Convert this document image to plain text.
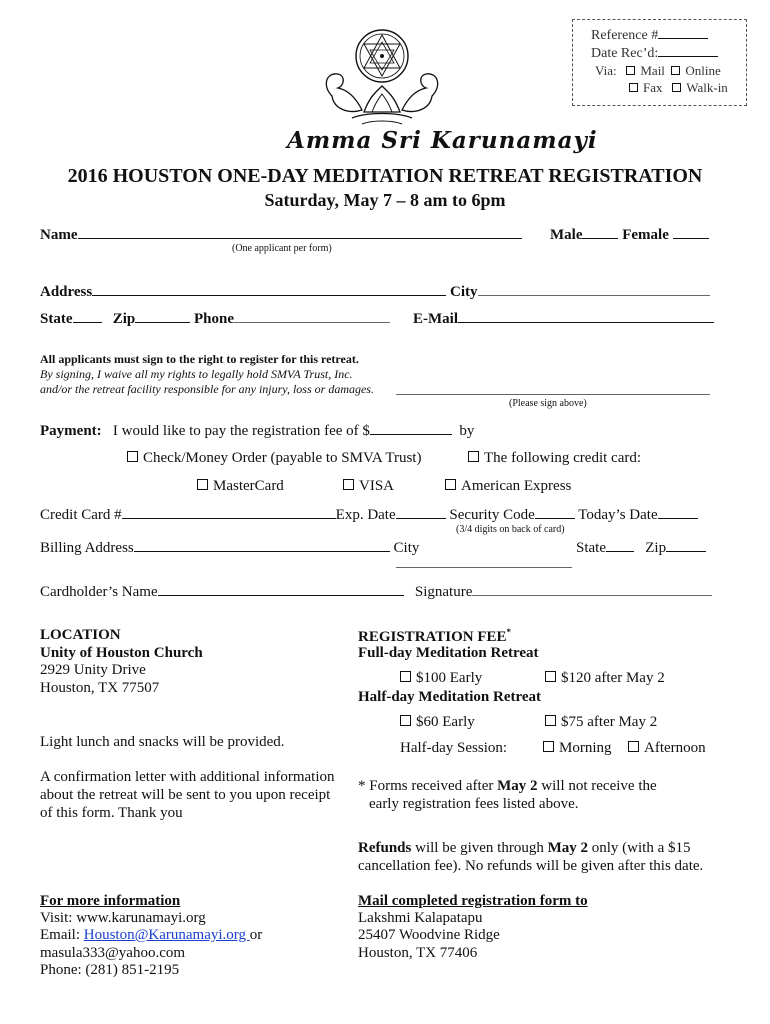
Reference #
Date Rec’d:
Via: Mail Online
Fax Walk-in
Amma Sri Karunamayi
2016 HOUSTON ONE-DAY MEDITATION RETREAT REGISTRATION
Saturday, May 7 – 8 am to 6pm
Name
(One applicant per form)
Male	Female
Address	City
State	Zip	Phone	E-Mail
All applicants must sign to the right to register for this retreat.
By signing, I waive all my rights to legally hold SMVA Trust, Inc.
and/or the retreat facility responsible for any injury, loss or damages.
(Please sign above)
Payment: I would like to pay the registration fee of $	by
Check/Money Order (payable to SMVA Trust)	The following credit card:
MasterCard	VISA	American Express
Credit Card #	Exp. Date	Security Code	Today’s Date
(3/4 digits on back of card)
Billing Address	City	State	Zip
Cardholder’s Name	Signature
LOCATION
Unity of Houston Church
2929 Unity Drive
Houston, TX 77507
Light lunch and snacks will be provided.
A confirmation letter with additional information
about the retreat will be sent to you upon receipt
of this form. Thank you
REGISTRATION FEE*
Full-day Meditation Retreat
$100 Early	$120 after May 2
Half-day Meditation Retreat
$60 Early	$75 after May 2
Half-day Session:	Morning	Afternoon
* Forms received after May 2 will not receive the
early registration fees listed above.
Refunds will be given through May 2 only (with a $15
cancellation fee). No refunds will be given after this date.
For more information
Visit: www.karunamayi.org
Email: Houston@Karunamayi.org or
masula333@yahoo.com
Phone: (281) 851-2195
Mail completed registration form to
Lakshmi Kalapatapu
25407 Woodvine Ridge
Houston, TX 77406
